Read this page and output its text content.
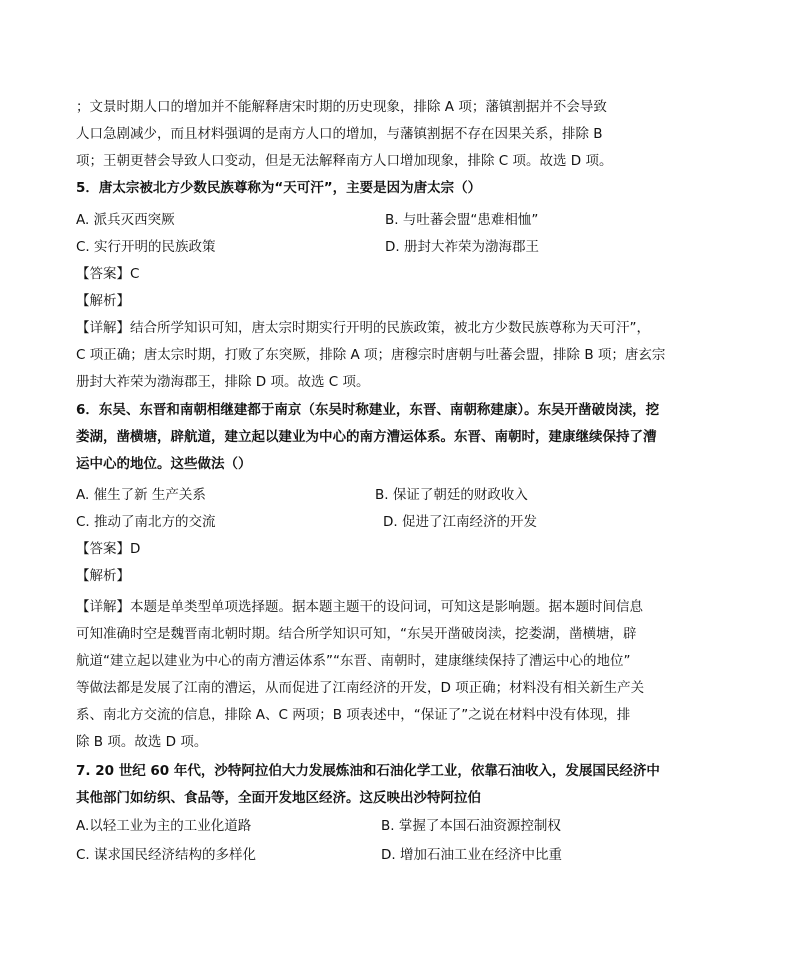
；文景时期人口的增加并不能解释唐宋时期的历史现象，排除 A 项；藩镇割据并不会导致
人口急剧减少，而且材料强调的是南方人口的增加，与藩镇割据不存在因果关系，排除 B
项；王朝更替会导致人口变动，但是无法解释南方人口增加现象，排除 C 项。故选 D 项。
5．唐太宗被北方少数民族尊称为“天可汗”，主要是因为唐太宗（）
A. 派兵灭西突厥	B. 与吐蕃会盟“患难相恤”
C. 实行开明的民族政策	D. 册封大祚荣为渤海郡王
【答案】C
【解析】
【详解】结合所学知识可知，唐太宗时期实行开明的民族政策，被北方少数民族尊称为天可汗”，
C 项正确；唐太宗时期，打败了东突厥，排除 A 项；唐穆宗时唐朝与吐蕃会盟，排除 B 项；唐玄宗
册封大祚荣为渤海郡王，排除 D 项。故选 C 项。
6．东吴、东晋和南朝相继建都于南京（东吴时称建业，东晋、南朝称建康）。东吴开凿破岗渎，挖
娄湖，凿横塘，辟航道，建立起以建业为中心的南方漕运体系。东晋、南朝时，建康继续保持了漕
运中心的地位。这些做法（）
A. 催生了新 生产关系	B. 保证了朝廷的财政收入
C. 推动了南北方的交流	D. 促进了江南经济的开发
【答案】D
【解析】
【详解】本题是单类型单项选择题。据本题主题干的设问词，可知这是影响题。据本题时间信息
可知准确时空是魏晋南北朝时期。结合所学知识可知，“东吴开凿破岗渎，挖娄湖，凿横塘，辟
航道“建立起以建业为中心的南方漕运体系”“东晋、南朝时，建康继续保持了漕运中心的地位”
等做法都是发展了江南的漕运，从而促进了江南经济的开发，D 项正确；材料没有相关新生产关
系、南北方交流的信息，排除 A、C 两项；B 项表述中，“保证了”之说在材料中没有体现，排
除 B 项。故选 D 项。
7. 20 世纪 60 年代，沙特阿拉伯大力发展炼油和石油化学工业，依靠石油收入，发展国民经济中
其他部门如纺织、食品等，全面开发地区经济。这反映出沙特阿拉伯
A.以轻工业为主的工业化道路	B. 掌握了本国石油资源控制权
C. 谋求国民经济结构的多样化	D. 增加石油工业在经济中比重
